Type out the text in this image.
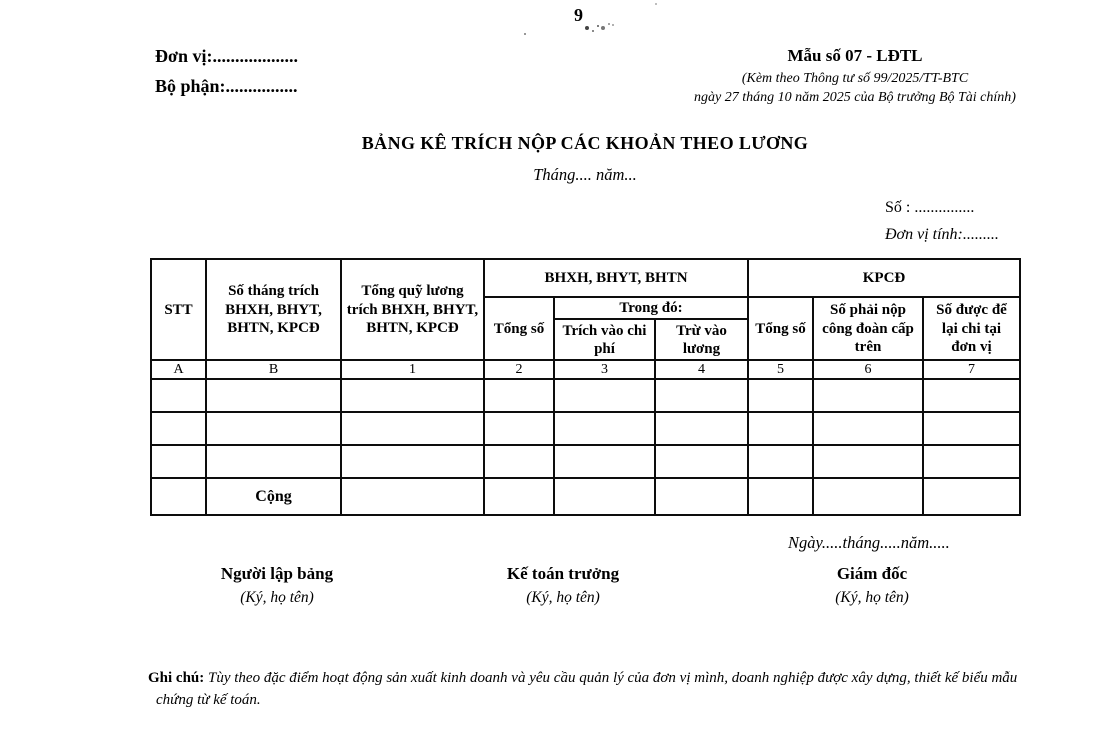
9
Đơn vị:...................
Bộ phận:................
Mẫu số 07 - LĐTL
(Kèm theo Thông tư số 99/2025/TT-BTC
ngày 27 tháng 10 năm 2025 của Bộ trưởng Bộ Tài chính)
BẢNG KÊ TRÍCH NỘP CÁC KHOẢN THEO LƯƠNG
Tháng.... năm...
Số : ...............
Đơn vị tính:.........
STT	Số tháng trích BHXH, BHYT, BHTN, KPCĐ	Tổng quỹ lương trích BHXH, BHYT, BHTN, KPCĐ	BHXH, BHYT, BHTN			KPCĐ		
			Tổng số	Trong đó:		Tổng số	Số phải nộp công đoàn cấp trên	Số được để lại chi tại đơn vị
				Trích vào chi phí	Trừ vào lương			
A	B	1	2	3	4	5	6	7

	Cộng							
Ngày.....tháng.....năm.....
Người lập bảng
(Ký, họ tên)
Kế toán trưởng
(Ký, họ tên)
Giám đốc
(Ký, họ tên)
Ghi chú: Tùy theo đặc điểm hoạt động sản xuất kinh doanh và yêu cầu quản lý của đơn vị mình, doanh nghiệp được xây dựng, thiết kế biểu mẫu chứng từ kế toán.
